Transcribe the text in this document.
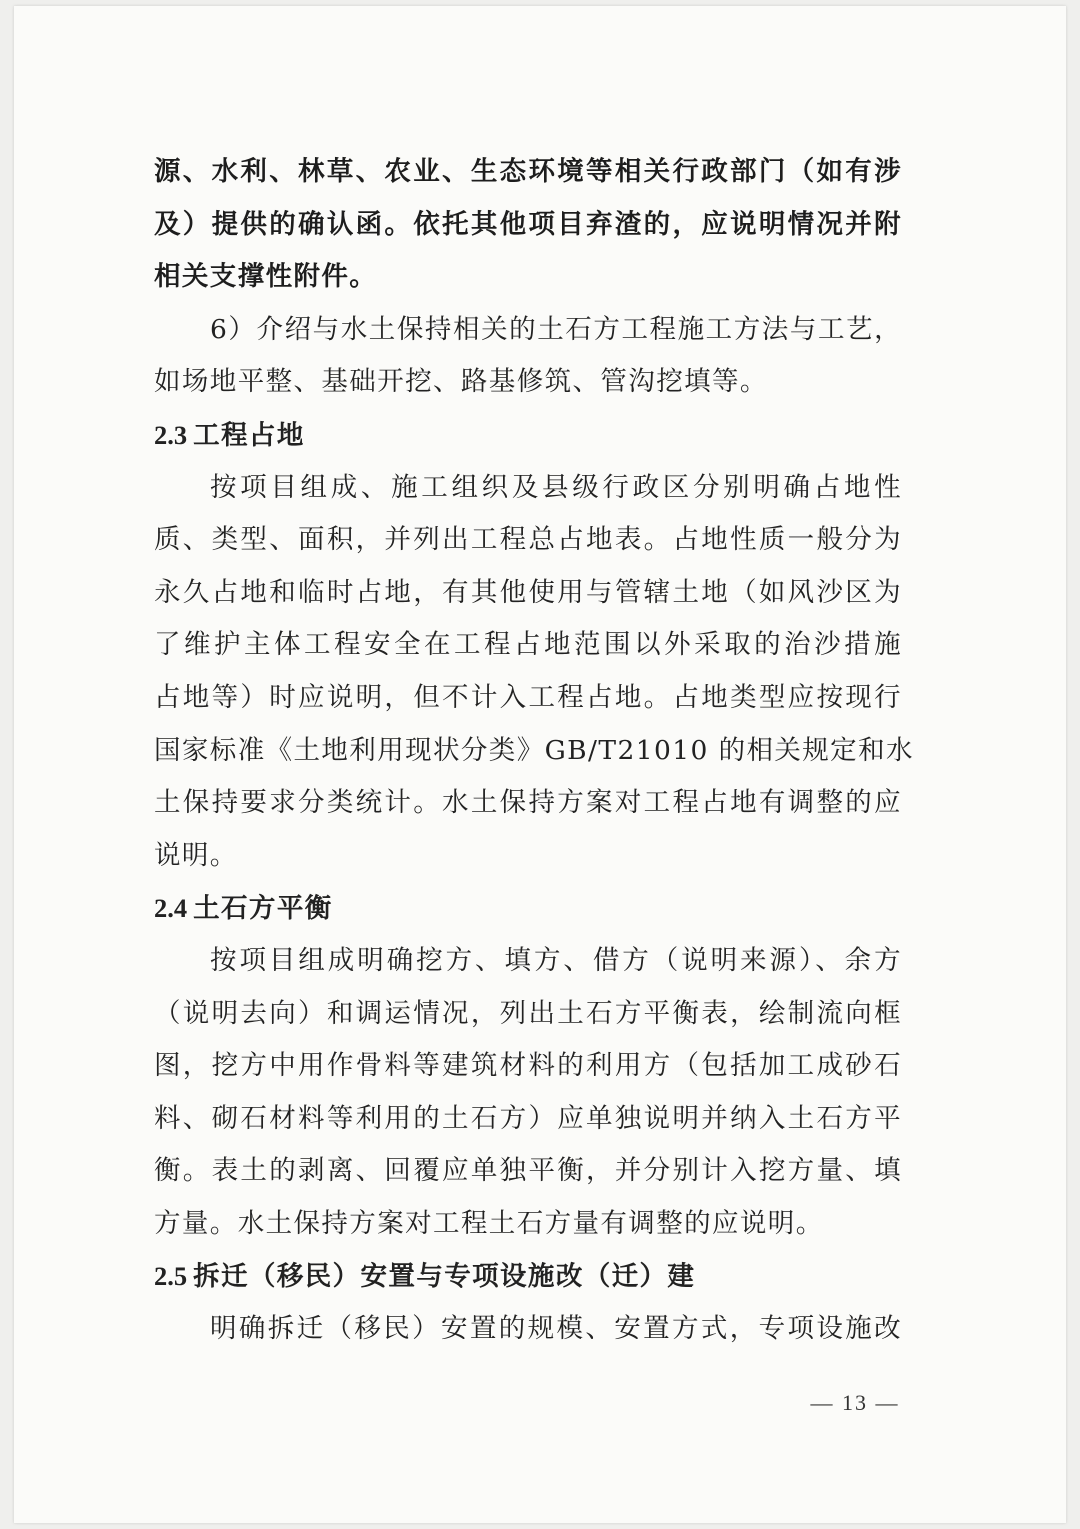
源、水利、林草、农业、生态环境等相关行政部门（如有涉
及）提供的确认函。依托其他项目弃渣的，应说明情况并附
相关支撑性附件。
6）介绍与水土保持相关的土石方工程施工方法与工艺，
如场地平整、基础开挖、路基修筑、管沟挖填等。
2.3 工程占地
按项目组成、施工组织及县级行政区分别明确占地性
质、类型、面积，并列出工程总占地表。占地性质一般分为
永久占地和临时占地，有其他使用与管辖土地（如风沙区为
了维护主体工程安全在工程占地范围以外采取的治沙措施
占地等）时应说明，但不计入工程占地。占地类型应按现行
国家标准《土地利用现状分类》GB/T21010 的相关规定和水
土保持要求分类统计。水土保持方案对工程占地有调整的应
说明。
2.4 土石方平衡
按项目组成明确挖方、填方、借方（说明来源）、余方
（说明去向）和调运情况，列出土石方平衡表，绘制流向框
图，挖方中用作骨料等建筑材料的利用方（包括加工成砂石
料、砌石材料等利用的土石方）应单独说明并纳入土石方平
衡。表土的剥离、回覆应单独平衡，并分别计入挖方量、填
方量。水土保持方案对工程土石方量有调整的应说明。
2.5 拆迁（移民）安置与专项设施改（迁）建
明确拆迁（移民）安置的规模、安置方式，专项设施改
— 13 —
